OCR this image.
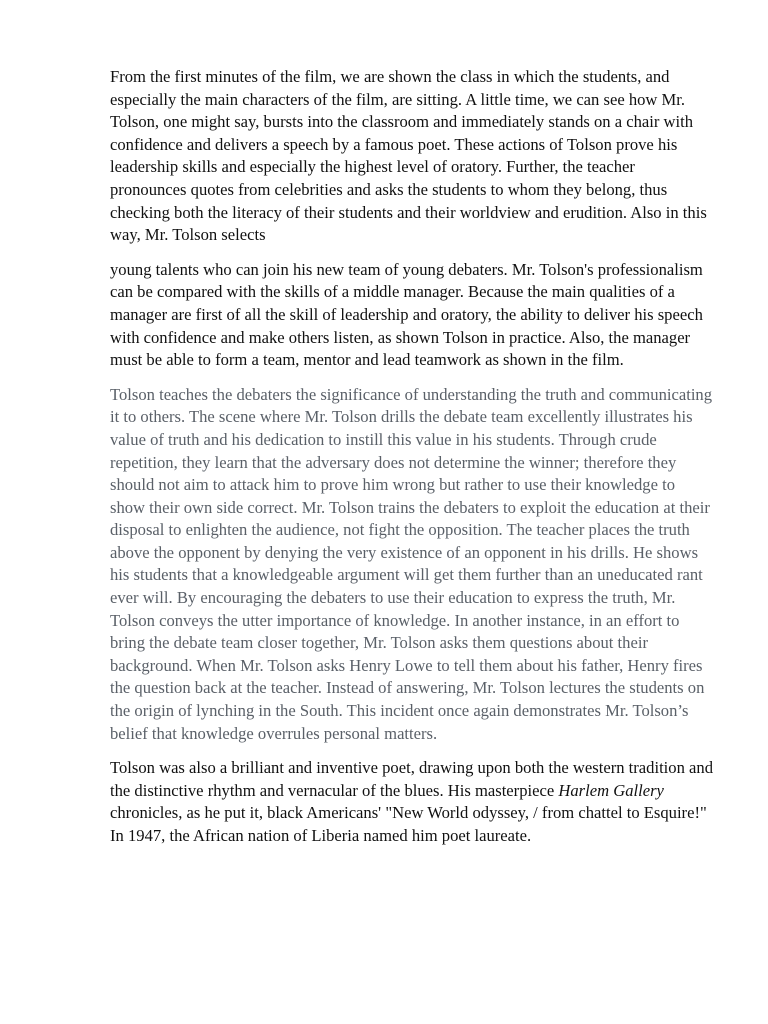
From the first minutes of the film, we are shown the class in which the students, and especially the main characters of the film, are sitting. A little time, we can see how Mr. Tolson, one might say, bursts into the classroom and immediately stands on a chair with confidence and delivers a speech by a famous poet. These actions of Tolson prove his leadership skills and especially the highest level of oratory. Further, the teacher pronounces quotes from celebrities and asks the students to whom they belong, thus checking both the literacy of their students and their worldview and erudition. Also in this way, Mr. Tolson selects

young talents who can join his new team of young debaters. Mr. Tolson's professionalism can be compared with the skills of a middle manager. Because the main qualities of a manager are first of all the skill of leadership and oratory, the ability to deliver his speech with confidence and make others listen, as shown Tolson in practice. Also, the manager must be able to form a team, mentor and lead teamwork as shown in the film.

Tolson teaches the debaters the significance of understanding the truth and communicating it to others. The scene where Mr. Tolson drills the debate team excellently illustrates his value of truth and his dedication to instill this value in his students. Through crude repetition, they learn that the adversary does not determine the winner; therefore they should not aim to attack him to prove him wrong but rather to use their knowledge to show their own side correct. Mr. Tolson trains the debaters to exploit the education at their disposal to enlighten the audience, not fight the opposition. The teacher places the truth above the opponent by denying the very existence of an opponent in his drills. He shows his students that a knowledgeable argument will get them further than an uneducated rant ever will. By encouraging the debaters to use their education to express the truth, Mr. Tolson conveys the utter importance of knowledge. In another instance, in an effort to bring the debate team closer together, Mr. Tolson asks them questions about their background. When Mr. Tolson asks Henry Lowe to tell them about his father, Henry fires the question back at the teacher. Instead of answering, Mr. Tolson lectures the students on the origin of lynching in the South. This incident once again demonstrates Mr. Tolson’s belief that knowledge overrules personal matters.

Tolson was also a brilliant and inventive poet, drawing upon both the western tradition and the distinctive rhythm and vernacular of the blues. His masterpiece Harlem Gallery chronicles, as he put it, black Americans' "New World odyssey, / from chattel to Esquire!" In 1947, the African nation of Liberia named him poet laureate.
